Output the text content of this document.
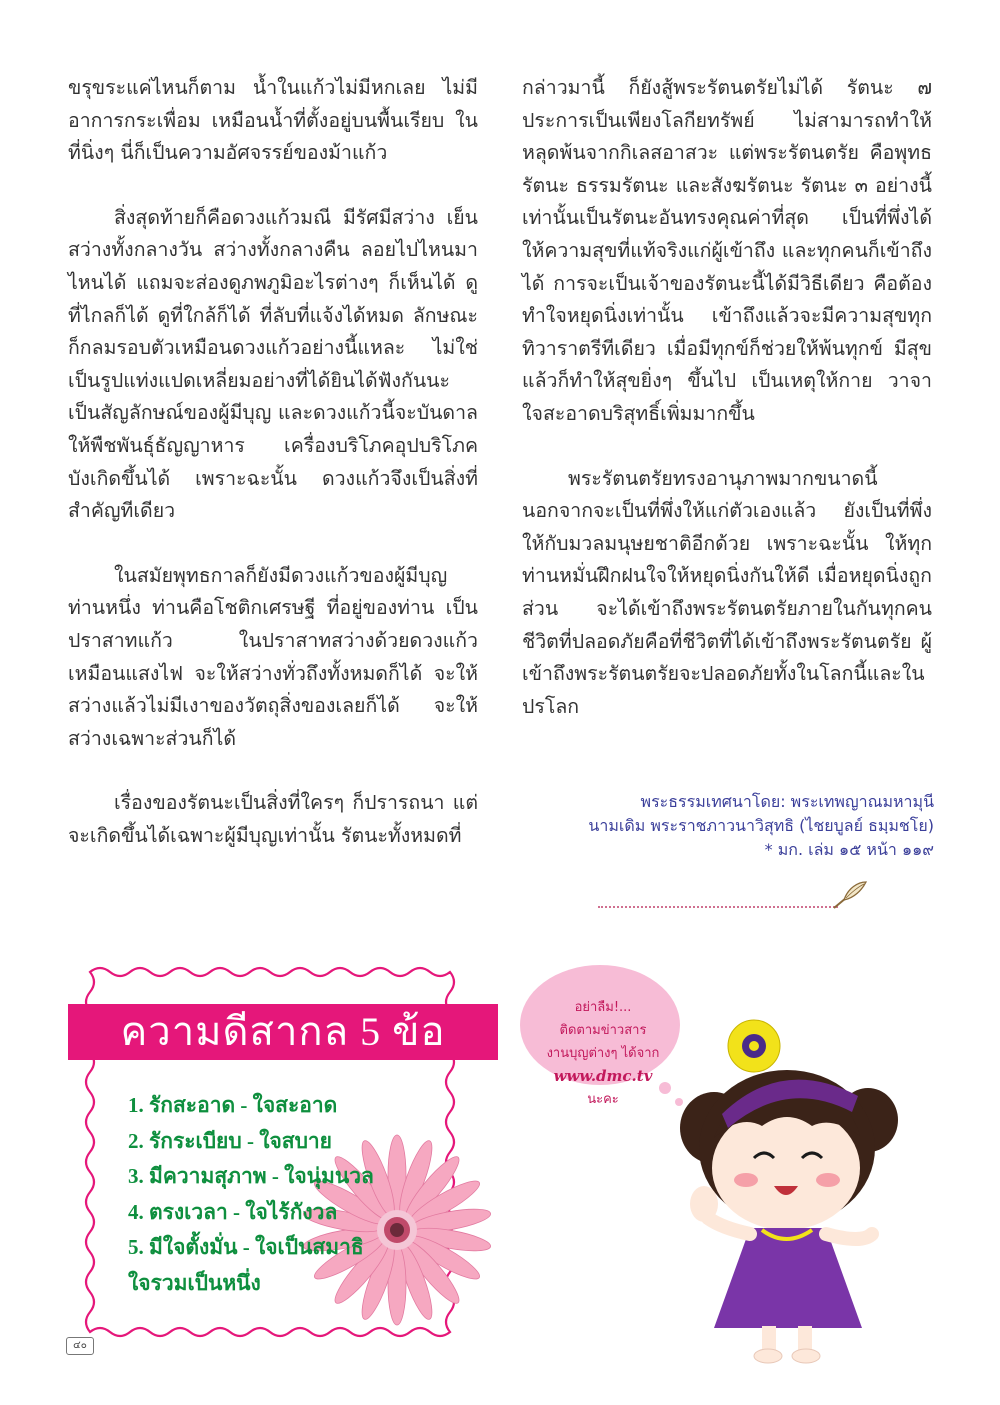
ขรุขระแค่ไหนก็ตาม น้ำในแก้วไม่มีหกเลย ไม่มีอาการกระเพื่อม เหมือนน้ำที่ตั้งอยู่บนพื้นเรียบ ในที่นิ่งๆ นี่ก็เป็นความอัศจรรย์ของม้าแก้ว

สิ่งสุดท้ายก็คือดวงแก้วมณี มีรัศมีสว่าง เย็นสว่างทั้งกลางวัน สว่างทั้งกลางคืน ลอยไปไหนมาไหนได้ แถมจะส่องดูภพภูมิอะไรต่างๆ ก็เห็นได้ ดูที่ไกลก็ได้ ดูที่ใกล้ก็ได้ ที่ลับที่แจ้งได้หมด ลักษณะก็กลมรอบตัวเหมือนดวงแก้วอย่างนี้แหละ ไม่ใช่เป็นรูปแท่งแปดเหลี่ยมอย่างที่ได้ยินได้ฟังกันนะ เป็นสัญลักษณ์ของผู้มีบุญ และดวงแก้วนี้จะบันดาลให้พืชพันธุ์ธัญญาหาร เครื่องบริโภคอุปบริโภคบังเกิดขึ้นได้ เพราะฉะนั้น ดวงแก้วจึงเป็นสิ่งที่สำคัญทีเดียว

ในสมัยพุทธกาลก็ยังมีดวงแก้วของผู้มีบุญท่านหนึ่ง ท่านคือโชติกเศรษฐี ที่อยู่ของท่าน เป็นปราสาทแก้ว ในปราสาทสว่างด้วยดวงแก้ว เหมือนแสงไฟ จะให้สว่างทั่วถึงทั้งหมดก็ได้ จะให้สว่างแล้วไม่มีเงาของวัตถุสิ่งของเลยก็ได้ จะให้สว่างเฉพาะส่วนก็ได้

เรื่องของรัตนะเป็นสิ่งที่ใครๆ ก็ปรารถนา แต่จะเกิดขึ้นได้เฉพาะผู้มีบุญเท่านั้น รัตนะทั้งหมดที่

กล่าวมานี้ ก็ยังสู้พระรัตนตรัยไม่ได้ รัตนะ ๗ ประการเป็นเพียงโลกียทรัพย์ ไม่สามารถทำให้หลุดพ้นจากกิเลสอาสวะ แต่พระรัตนตรัย คือพุทธรัตนะ ธรรมรัตนะ และสังฆรัตนะ รัตนะ ๓ อย่างนี้เท่านั้นเป็นรัตนะอันทรงคุณค่าที่สุด เป็นที่พึ่งได้ ให้ความสุขที่แท้จริงแก่ผู้เข้าถึง และทุกคนก็เข้าถึงได้ การจะเป็นเจ้าของรัตนะนี้ได้มีวิธีเดียว คือต้องทำใจหยุดนิ่งเท่านั้น เข้าถึงแล้วจะมีความสุขทุกทิวาราตรีทีเดียว เมื่อมีทุกข์ก็ช่วยให้พ้นทุกข์ มีสุขแล้วก็ทำให้สุขยิ่งๆ ขึ้นไป เป็นเหตุให้กาย วาจา ใจสะอาดบริสุทธิ์เพิ่มมากขึ้น

พระรัตนตรัยทรงอานุภาพมากขนาดนี้ นอกจากจะเป็นที่พึ่งให้แก่ตัวเองแล้ว ยังเป็นที่พึ่งให้กับมวลมนุษยชาติอีกด้วย เพราะฉะนั้น ให้ทุกท่านหมั่นฝึกฝนใจให้หยุดนิ่งกันให้ดี เมื่อหยุดนิ่งถูกส่วน จะได้เข้าถึงพระรัตนตรัยภายในกันทุกคน ชีวิตที่ปลอดภัยคือที่ชีวิตที่ได้เข้าถึงพระรัตนตรัย ผู้เข้าถึงพระรัตนตรัยจะปลอดภัยทั้งในโลกนี้และในปรโลก

พระธรรมเทศนาโดย: พระเทพญาณมหามุนี
นามเดิม พระราชภาวนาวิสุทธิ (ไชยบูลย์ ธมฺมชโย)
* มก. เล่ม ๑๕ หน้า ๑๑๙
ความดีสากล 5 ข้อ
1. รักสะอาด - ใจสะอาด
2. รักระเบียบ - ใจสบาย
3. มีความสุภาพ - ใจนุ่มนวล
4. ตรงเวลา - ใจไร้กังวล
5. มีใจตั้งมั่น - ใจเป็นสมาธิ
ใจรวมเป็นหนึ่ง
๔๐
อย่าลืม!...
ติดตามข่าวสาร
งานบุญต่างๆ ได้จาก
www.dmc.tv
นะคะ
